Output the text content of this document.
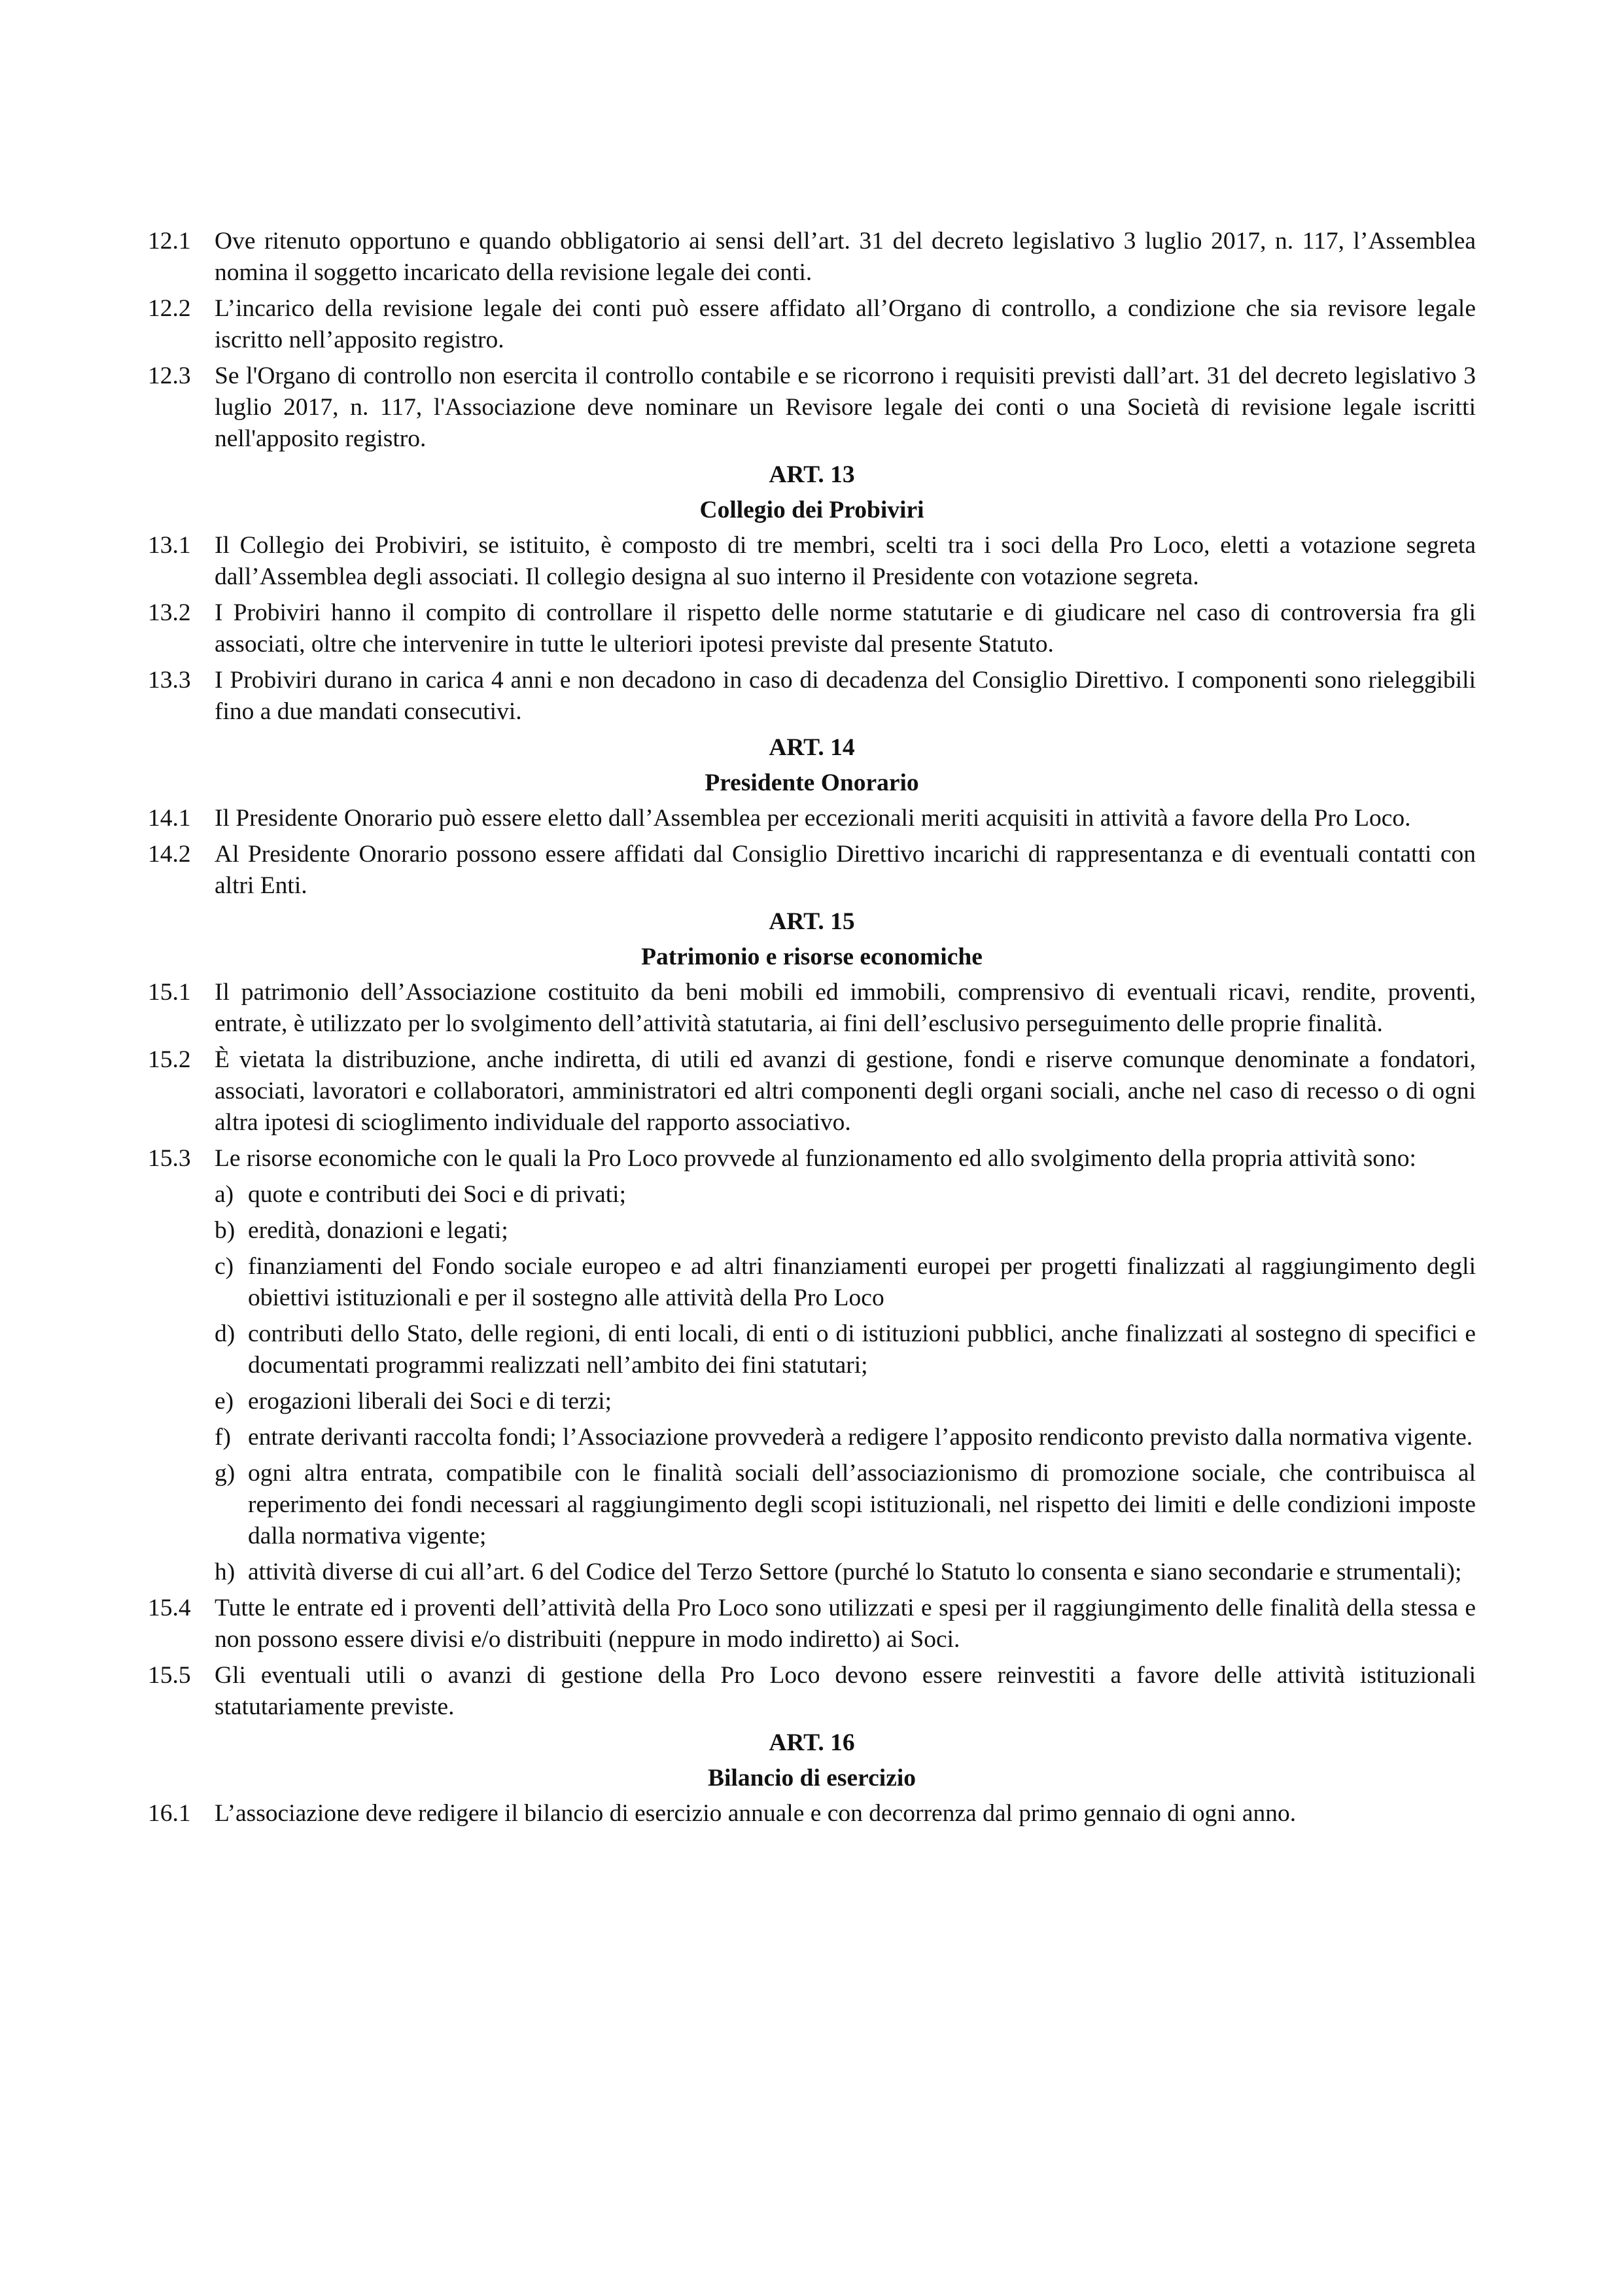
12.1 Ove ritenuto opportuno e quando obbligatorio ai sensi dell’art. 31 del decreto legislativo 3 luglio 2017, n. 117, l’Assemblea nomina il soggetto incaricato della revisione legale dei conti.
12.2 L’incarico della revisione legale dei conti può essere affidato all’Organo di controllo, a condizione che sia revisore legale iscritto nell’apposito registro.
12.3 Se l'Organo di controllo non esercita il controllo contabile e se ricorrono i requisiti previsti dall’art. 31 del decreto legislativo 3 luglio 2017, n. 117, l'Associazione deve nominare un Revisore legale dei conti o una Società di revisione legale iscritti nell'apposito registro.
ART. 13
Collegio dei Probiviri
13.1 Il Collegio dei Probiviri, se istituito, è composto di tre membri, scelti tra i soci della Pro Loco, eletti a votazione segreta dall’Assemblea degli associati. Il collegio designa al suo interno il Presidente con votazione segreta.
13.2 I Probiviri hanno il compito di controllare il rispetto delle norme statutarie e di giudicare nel caso di controversia fra gli associati, oltre che intervenire in tutte le ulteriori ipotesi previste dal presente Statuto.
13.3 I Probiviri durano in carica 4 anni e non decadono in caso di decadenza del Consiglio Direttivo. I componenti sono rieleggibili fino a due mandati consecutivi.
ART. 14
Presidente Onorario
14.1 Il Presidente Onorario può essere eletto dall’Assemblea per eccezionali meriti acquisiti in attività a favore della Pro Loco.
14.2 Al Presidente Onorario possono essere affidati dal Consiglio Direttivo incarichi di rappresentanza e di eventuali contatti con altri Enti.
ART. 15
Patrimonio e risorse economiche
15.1 Il patrimonio dell’Associazione costituito da beni mobili ed immobili, comprensivo di eventuali ricavi, rendite, proventi, entrate, è utilizzato per lo svolgimento dell’attività statutaria, ai fini dell’esclusivo perseguimento delle proprie finalità.
15.2 È vietata la distribuzione, anche indiretta, di utili ed avanzi di gestione, fondi e riserve comunque denominate a fondatori, associati, lavoratori e collaboratori, amministratori ed altri componenti degli organi sociali, anche nel caso di recesso o di ogni altra ipotesi di scioglimento individuale del rapporto associativo.
15.3 Le risorse economiche con le quali la Pro Loco provvede al funzionamento ed allo svolgimento della propria attività sono:
a) quote e contributi dei Soci e di privati;
b) eredità, donazioni e legati;
c) finanziamenti del Fondo sociale europeo e ad altri finanziamenti europei per progetti finalizzati al raggiungimento degli obiettivi istituzionali e per il sostegno alle attività della Pro Loco
d) contributi dello Stato, delle regioni, di enti locali, di enti o di istituzioni pubblici, anche finalizzati al sostegno di specifici e documentati programmi realizzati nell’ambito dei fini statutari;
e) erogazioni liberali dei Soci e di terzi;
f) entrate derivanti raccolta fondi; l’Associazione provvederà a redigere l’apposito rendiconto previsto dalla normativa vigente.
g) ogni altra entrata, compatibile con le finalità sociali dell’associazionismo di promozione sociale, che contribuisca al reperimento dei fondi necessari al raggiungimento degli scopi istituzionali, nel rispetto dei limiti e delle condizioni imposte dalla normativa vigente;
h) attività diverse di cui all’art. 6 del Codice del Terzo Settore (purché lo Statuto lo consenta e siano secondarie e strumentali);
15.4 Tutte le entrate ed i proventi dell’attività della Pro Loco sono utilizzati e spesi per il raggiungimento delle finalità della stessa e non possono essere divisi e/o distribuiti (neppure in modo indiretto) ai Soci.
15.5 Gli eventuali utili o avanzi di gestione della Pro Loco devono essere reinvestiti a favore delle attività istituzionali statutariamente previste.
ART. 16
Bilancio di esercizio
16.1 L’associazione deve redigere il bilancio di esercizio annuale e con decorrenza dal primo gennaio di ogni anno.
